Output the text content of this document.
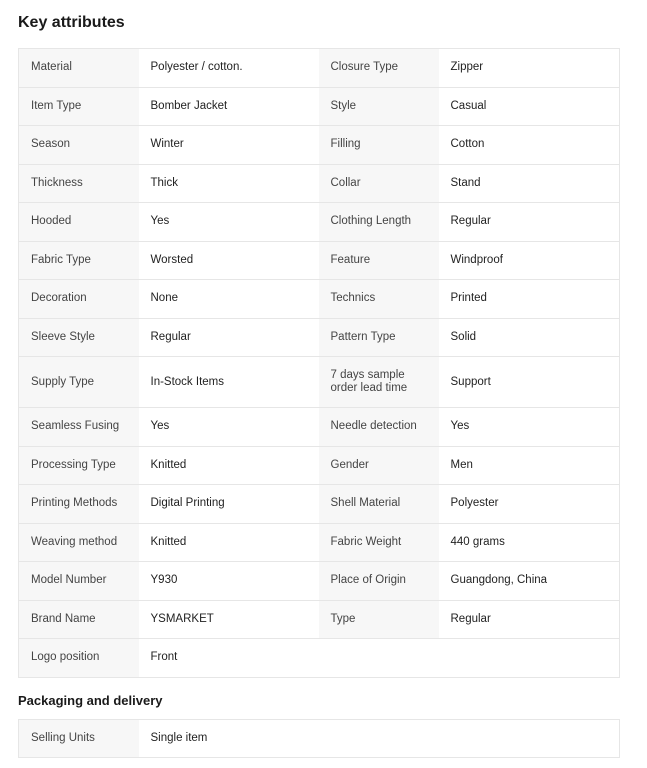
Key attributes
Material	Polyester / cotton.	Closure Type	Zipper
Item Type	Bomber Jacket	Style	Casual
Season	Winter	Filling	Cotton
Thickness	Thick	Collar	Stand
Hooded	Yes	Clothing Length	Regular
Fabric Type	Worsted	Feature	Windproof
Decoration	None	Technics	Printed
Sleeve Style	Regular	Pattern Type	Solid
Supply Type	In-Stock Items	7 days sample order lead time	Support
Seamless Fusing	Yes	Needle detection	Yes
Processing Type	Knitted	Gender	Men
Printing Methods	Digital Printing	Shell Material	Polyester
Weaving method	Knitted	Fabric Weight	440 grams
Model Number	Y930	Place of Origin	Guangdong, China
Brand Name	YSMARKET	Type	Regular
Logo position	Front		
Packaging and delivery
Selling Units	Single item		
